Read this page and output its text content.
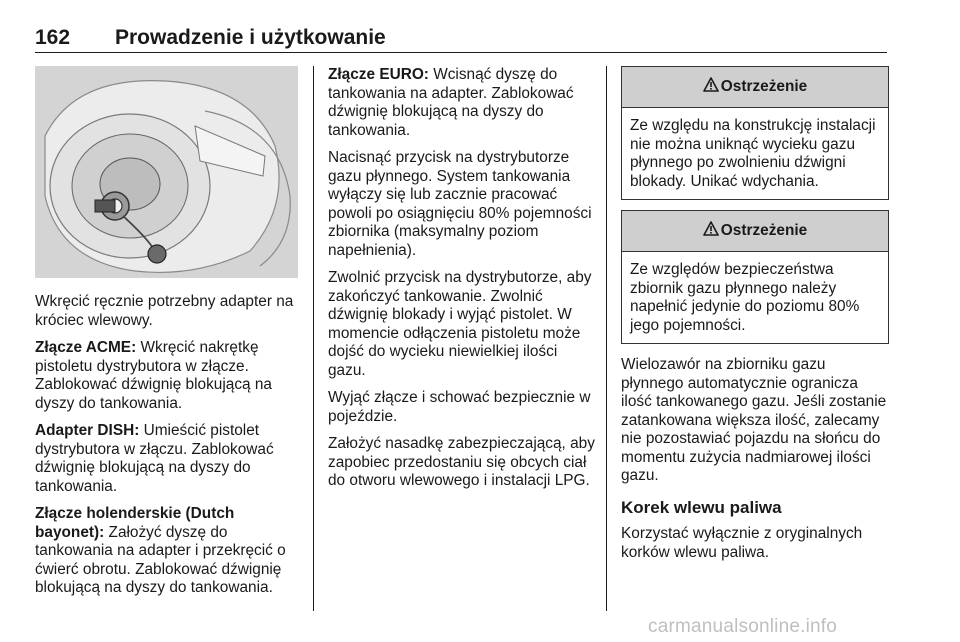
162 Prowadzenie i użytkowanie

Wkręcić ręcznie potrzebny adapter na króciec wlewowy.

Złącze ACME: Wkręcić nakrętkę pistoletu dystrybutora w złącze. Zablokować dźwignię blokującą na dyszy do tankowania.

Adapter DISH: Umieścić pistolet dystrybutora w złączu. Zablokować dźwignię blokującą na dyszy do tankowania.

Złącze holenderskie (Dutch bayonet): Założyć dyszę do tankowania na adapter i przekręcić o ćwierć obrotu. Zablokować dźwignię blokującą na dyszy do tankowania.

Złącze EURO: Wcisnąć dyszę do tankowania na adapter. Zablokować dźwignię blokującą na dyszy do tankowania.

Nacisnąć przycisk na dystrybutorze gazu płynnego. System tankowania wyłączy się lub zacznie pracować powoli po osiągnięciu 80% pojemności zbiornika (maksymalny poziom napełnienia).

Zwolnić przycisk na dystrybutorze, aby zakończyć tankowanie. Zwolnić dźwignię blokady i wyjąć pistolet. W momencie odłączenia pistoletu może dojść do wycieku niewielkiej ilości gazu.

Wyjąć złącze i schować bezpiecznie w pojeździe.

Założyć nasadkę zabezpieczającą, aby zapobiec przedostaniu się obcych ciał do otworu wlewowego i instalacji LPG.

Ostrzeżenie
Ze względu na konstrukcję instalacji nie można uniknąć wycieku gazu płynnego po zwolnieniu dźwigni blokady. Unikać wdychania.
Ostrzeżenie
Ze względów bezpieczeństwa zbiornik gazu płynnego należy napełnić jedynie do poziomu 80% jego pojemności.

Wielozawór na zbiorniku gazu płynnego automatycznie ogranicza ilość tankowanego gazu. Jeśli zostanie zatankowana większa ilość, zalecamy nie pozostawiać pojazdu na słońcu do momentu zużycia nadmiarowej ilości gazu.

Korek wlewu paliwa

Korzystać wyłącznie z oryginalnych korków wlewu paliwa.

carmanualsonline.info
